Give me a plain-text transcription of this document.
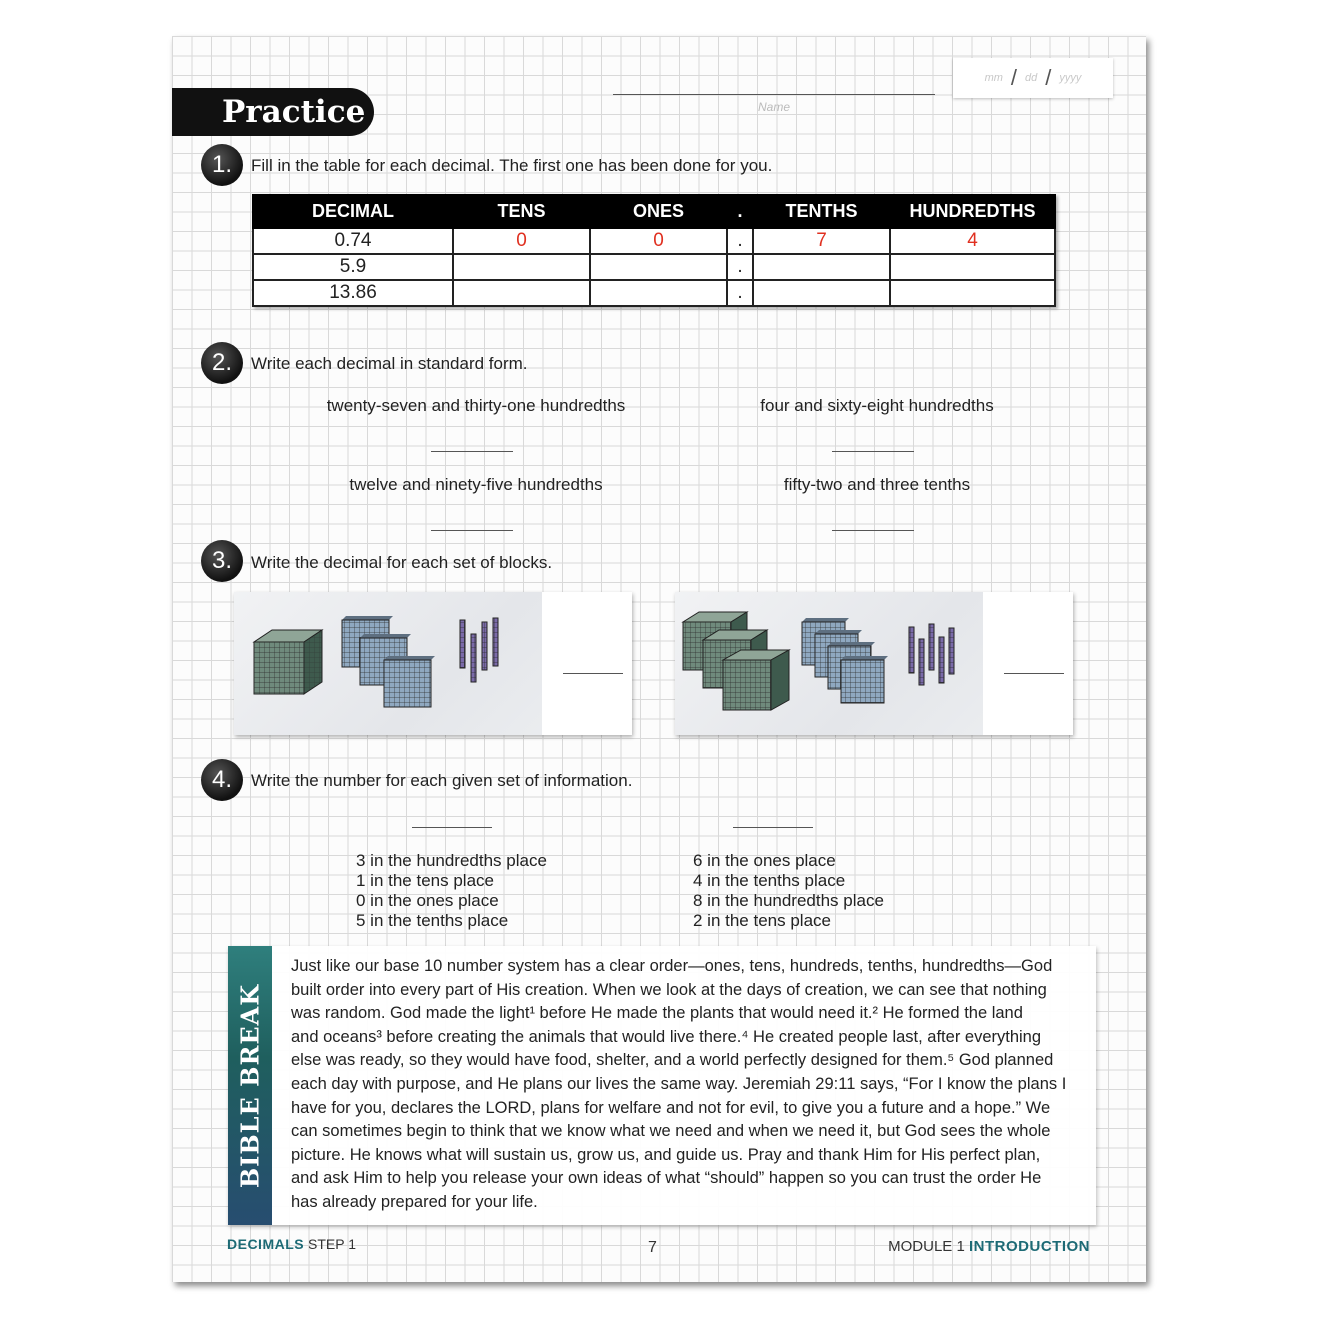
mm / dd / yyyy
Name
Practice
1. Fill in the table for each decimal. The first one has been done for you.
DECIMAL	TENS	ONES	.	TENTHS	HUNDREDTHS
0.74	0	0	.	7	4
5.9			.		
13.86			.		
2. Write each decimal in standard form.
twenty-seven and thirty-one hundredths	four and sixty-eight hundredths
twelve and ninety-five hundredths	fifty-two and three tenths
3. Write the decimal for each set of blocks.
4. Write the number for each given set of information.
3 in the hundredths place
1 in the tens place
0 in the ones place
5 in the tenths place
6 in the ones place
4 in the tenths place
8 in the hundredths place
2 in the tens place
BIBLE BREAK
Just like our base 10 number system has a clear order—ones, tens, hundreds, tenths, hundredths—God
built order into every part of His creation. When we look at the days of creation, we can see that nothing
was random. God made the light¹ before He made the plants that would need it.² He formed the land
and oceans³ before creating the animals that would live there.⁴ He created people last, after everything
else was ready, so they would have food, shelter, and a world perfectly designed for them.⁵ God planned
each day with purpose, and He plans our lives the same way. Jeremiah 29:11 says, “For I know the plans I
have for you, declares the LORD, plans for welfare and not for evil, to give you a future and a hope.” We
can sometimes begin to think that we know what we need and when we need it, but God sees the whole
picture. He knows what will sustain us, grow us, and guide us. Pray and thank Him for His perfect plan,
and ask Him to help you release your own ideas of what “should” happen so you can trust the order He
has already prepared for your life.
DECIMALS STEP 1	7	MODULE 1 INTRODUCTION
